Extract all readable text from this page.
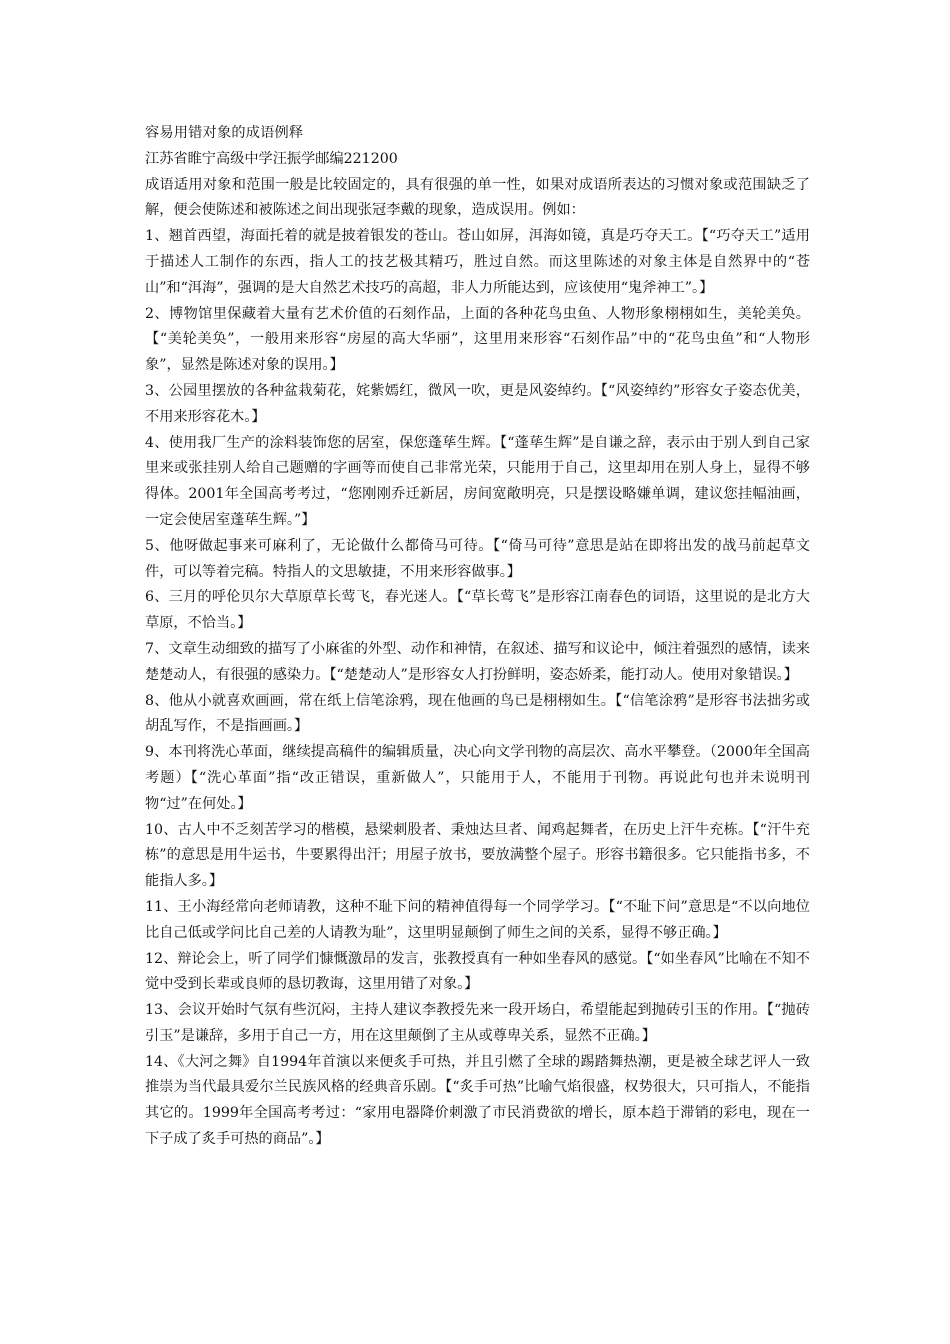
容易用错对象的成语例释

江苏省睢宁高级中学汪振学邮编221200

成语适用对象和范围一般是比较固定的，具有很强的单一性，如果对成语所表达的习惯对象或范围缺乏了解，便会使陈述和被陈述之间出现张冠李戴的现象，造成误用。例如：

1、翘首西望，海面托着的就是披着银发的苍山。苍山如屏，洱海如镜，真是巧夺天工。【“巧夺天工”适用于描述人工制作的东西，指人工的技艺极其精巧，胜过自然。而这里陈述的对象主体是自然界中的“苍山”和“洱海”，强调的是大自然艺术技巧的高超，非人力所能达到，应该使用“鬼斧神工”。】

2、博物馆里保藏着大量有艺术价值的石刻作品，上面的各种花鸟虫鱼、人物形象栩栩如生，美轮美奂。【“美轮美奂”，一般用来形容“房屋的高大华丽”，这里用来形容“石刻作品”中的“花鸟虫鱼”和“人物形象”，显然是陈述对象的误用。】

3、公园里摆放的各种盆栽菊花，姹紫嫣红，微风一吹，更是风姿绰约。【“风姿绰约”形容女子姿态优美，不用来形容花木。】

4、使用我厂生产的涂料装饰您的居室，保您蓬荜生辉。【“蓬荜生辉”是自谦之辞，表示由于别人到自己家里来或张挂别人给自己题赠的字画等而使自己非常光荣，只能用于自己，这里却用在别人身上，显得不够得体。2001年全国高考考过，“您刚刚乔迁新居，房间宽敞明亮，只是摆设略嫌单调，建议您挂幅油画，一定会使居室蓬荜生辉。”】

5、他呀做起事来可麻利了，无论做什么都倚马可待。【“倚马可待”意思是站在即将出发的战马前起草文件，可以等着完稿。特指人的文思敏捷，不用来形容做事。】

6、三月的呼伦贝尔大草原草长莺飞，春光迷人。【“草长莺飞”是形容江南春色的词语，这里说的是北方大草原，不恰当。】

7、文章生动细致的描写了小麻雀的外型、动作和神情，在叙述、描写和议论中，倾注着强烈的感情，读来楚楚动人，有很强的感染力。【“楚楚动人”是形容女人打扮鲜明，姿态娇柔，能打动人。使用对象错误。】

8、他从小就喜欢画画，常在纸上信笔涂鸦，现在他画的鸟已是栩栩如生。【“信笔涂鸦”是形容书法拙劣或胡乱写作，不是指画画。】

9、本刊将洗心革面，继续提高稿件的编辑质量，决心向文学刊物的高层次、高水平攀登。（2000年全国高考题）【“洗心革面”指“改正错误，重新做人”，只能用于人，不能用于刊物。再说此句也并未说明刊物“过”在何处。】

10、古人中不乏刻苦学习的楷模，悬梁刺股者、秉烛达旦者、闻鸡起舞者，在历史上汗牛充栋。【“汗牛充栋”的意思是用牛运书，牛要累得出汗；用屋子放书，要放满整个屋子。形容书籍很多。它只能指书多，不能指人多。】

11、王小海经常向老师请教，这种不耻下问的精神值得每一个同学学习。【“不耻下问”意思是“不以向地位比自己低或学问比自己差的人请教为耻”，这里明显颠倒了师生之间的关系，显得不够正确。】

12、辩论会上，听了同学们慷慨激昂的发言，张教授真有一种如坐春风的感觉。【“如坐春风”比喻在不知不觉中受到长辈或良师的恳切教诲，这里用错了对象。】

13、会议开始时气氛有些沉闷，主持人建议李教授先来一段开场白，希望能起到抛砖引玉的作用。【“抛砖引玉”是谦辞，多用于自己一方，用在这里颠倒了主从或尊卑关系，显然不正确。】

14、《大河之舞》自1994年首演以来便炙手可热，并且引燃了全球的踢踏舞热潮，更是被全球艺评人一致推崇为当代最具爱尔兰民族风格的经典音乐剧。【“炙手可热”比喻气焰很盛，权势很大，只可指人，不能指其它的。1999年全国高考考过：“家用电器降价刺激了市民消费欲的增长，原本趋于滞销的彩电，现在一下子成了炙手可热的商品”。】
